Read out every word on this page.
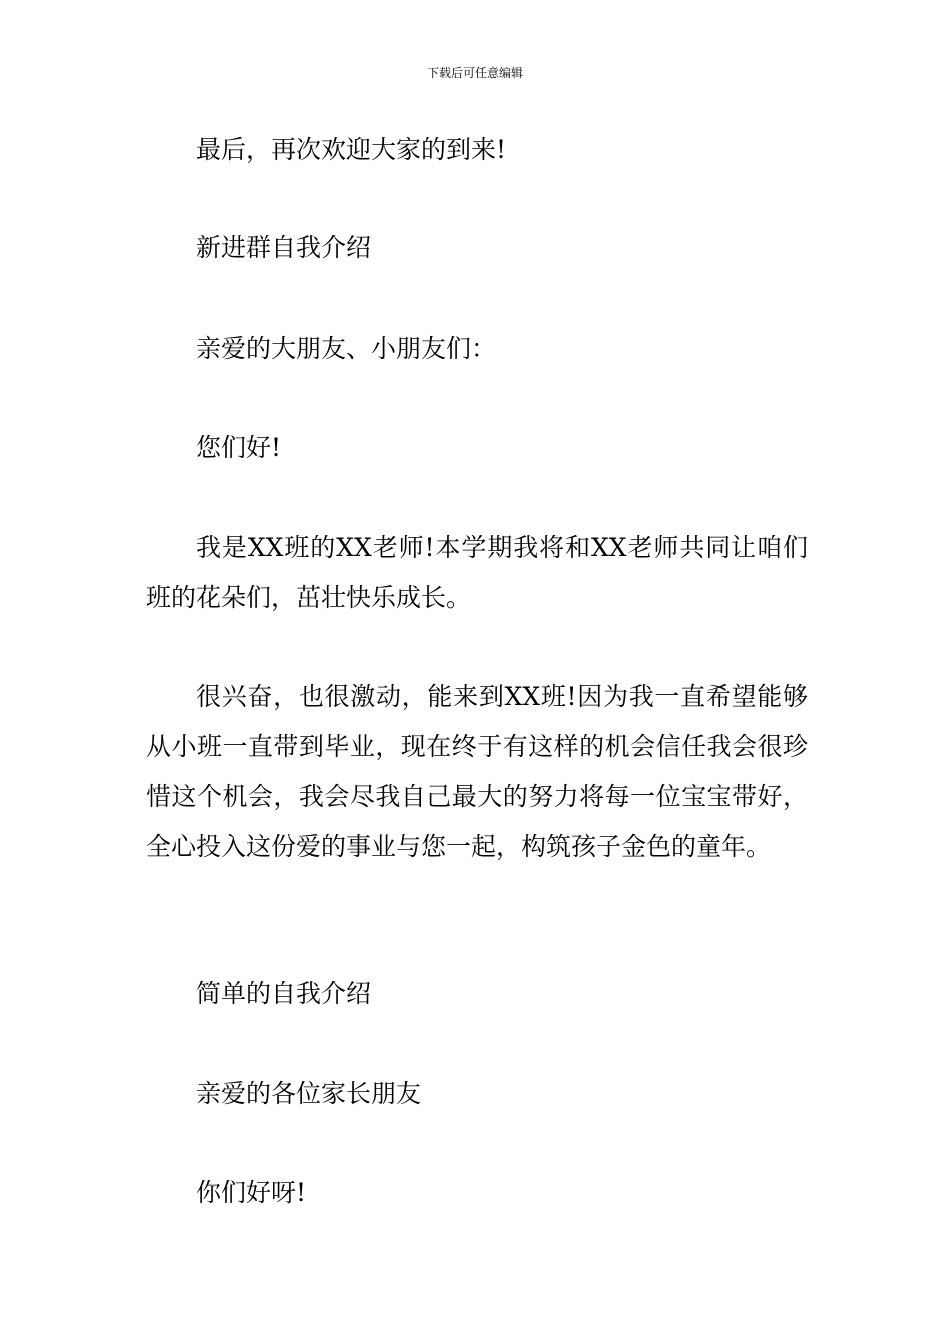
下载后可任意编辑

最后，再次欢迎大家的到来!

新进群自我介绍

亲爱的大朋友、小朋友们：

您们好!

我是XX班的XX老师!本学期我将和XX老师共同让咱们班的花朵们，茁壮快乐成长。

很兴奋，也很激动，能来到XX班!因为我一直希望能够从小班一直带到毕业，现在终于有这样的机会信任我会很珍惜这个机会，我会尽我自己最大的努力将每一位宝宝带好，全心投入这份爱的事业与您一起，构筑孩子金色的童年。

简单的自我介绍

亲爱的各位家长朋友

你们好呀!
